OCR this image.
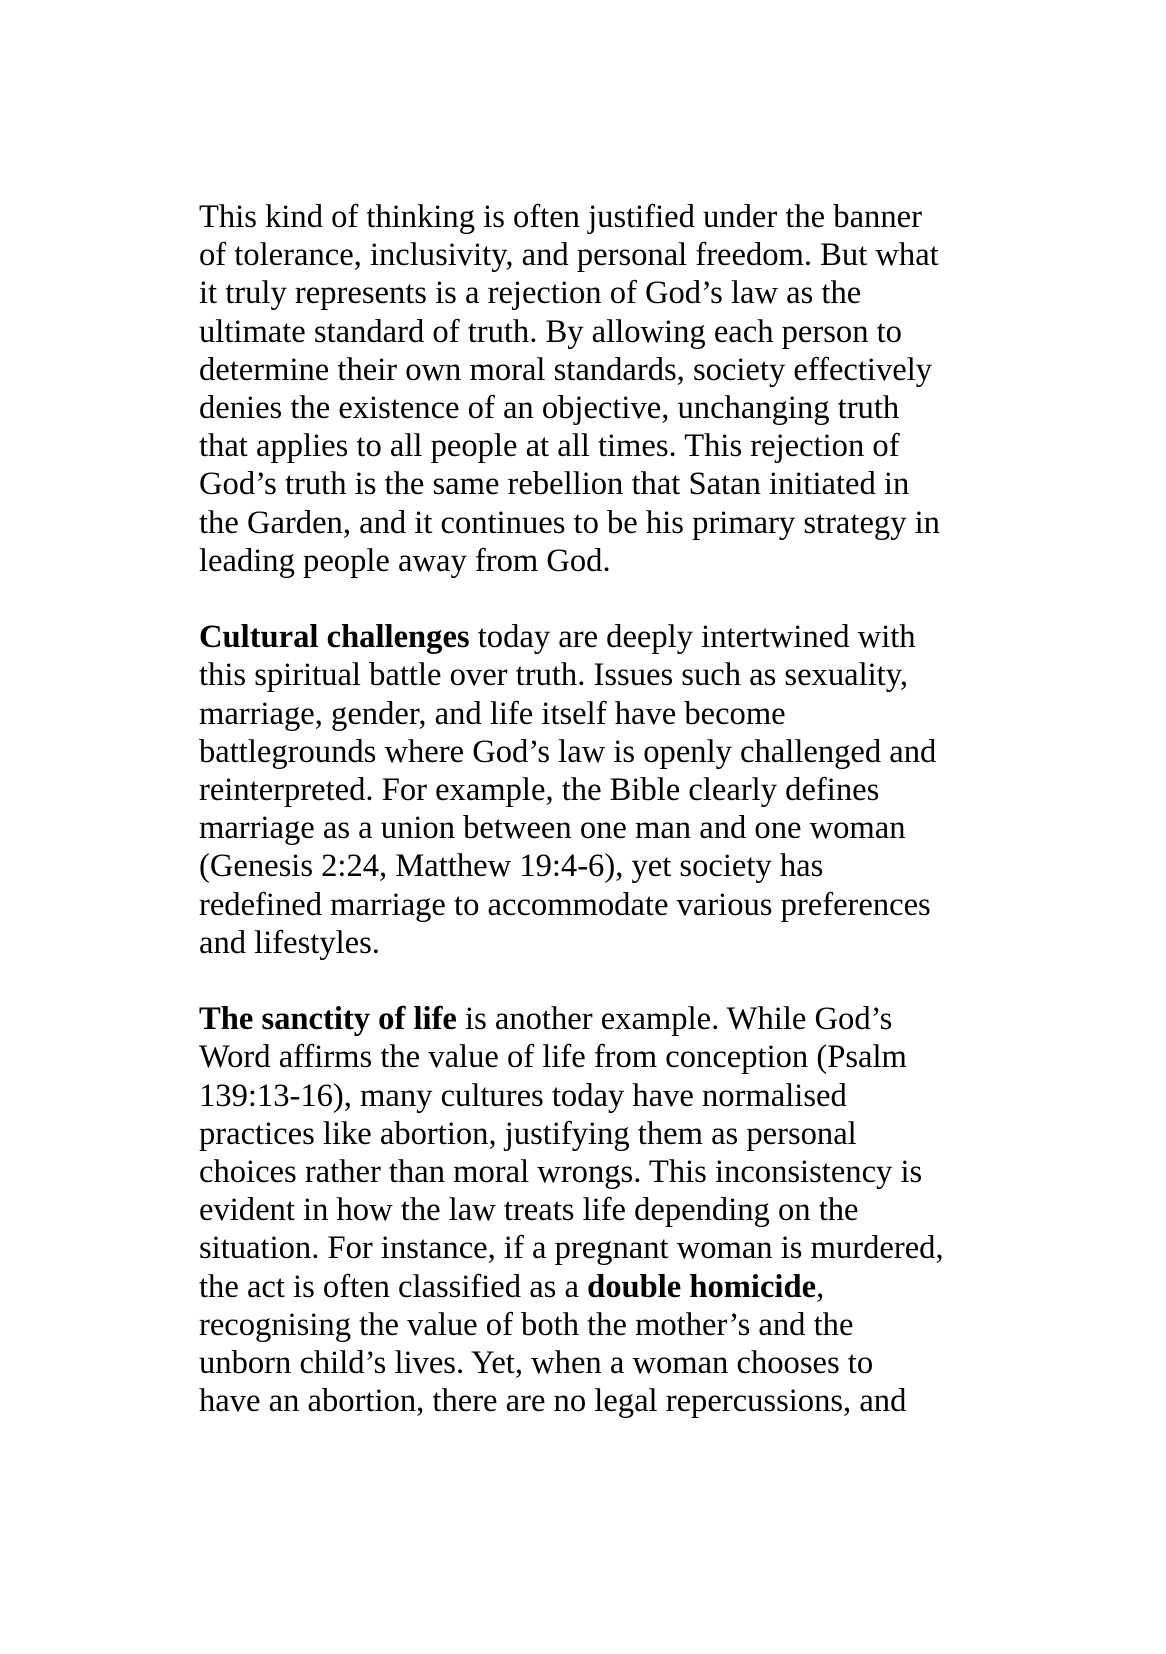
This kind of thinking is often justified under the banner
of tolerance, inclusivity, and personal freedom. But what
it truly represents is a rejection of God’s law as the
ultimate standard of truth. By allowing each person to
determine their own moral standards, society effectively
denies the existence of an objective, unchanging truth
that applies to all people at all times. This rejection of
God’s truth is the same rebellion that Satan initiated in
the Garden, and it continues to be his primary strategy in
leading people away from God.

Cultural challenges today are deeply intertwined with
this spiritual battle over truth. Issues such as sexuality,
marriage, gender, and life itself have become
battlegrounds where God’s law is openly challenged and
reinterpreted. For example, the Bible clearly defines
marriage as a union between one man and one woman
(Genesis 2:24, Matthew 19:4-6), yet society has
redefined marriage to accommodate various preferences
and lifestyles.

The sanctity of life is another example. While God’s
Word affirms the value of life from conception (Psalm
139:13-16), many cultures today have normalised
practices like abortion, justifying them as personal
choices rather than moral wrongs. This inconsistency is
evident in how the law treats life depending on the
situation. For instance, if a pregnant woman is murdered,
the act is often classified as a double homicide,
recognising the value of both the mother’s and the
unborn child’s lives. Yet, when a woman chooses to
have an abortion, there are no legal repercussions, and
